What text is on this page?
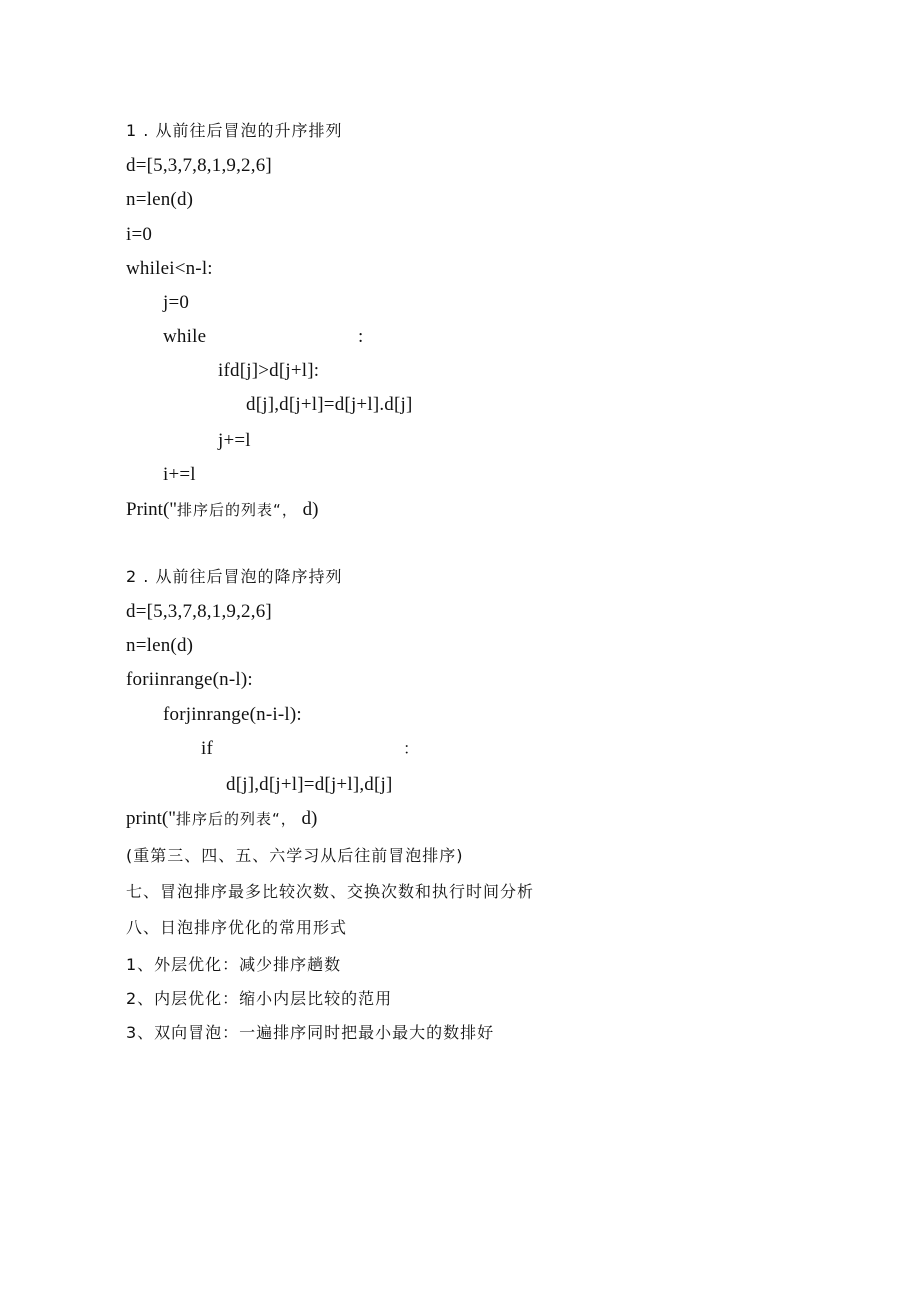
1 . 从前往后冒泡的升序排列
d=[5,3,7,8,1,9,2,6]
n=len(d)
i=0
whilei<n-l:
j=0
while	:
ifd[j]>d[j+l]:
d[j],d[j+l]=d[j+l].d[j]
j+=l
i+=l
Print("排序后的列表“， d)
2 . 从前往后冒泡的降序持列
d=[5,3,7,8,1,9,2,6]
n=len(d)
foriinrange(n-l):
forjinrange(n-i-l):
if	：
d[j],d[j+l]=d[j+l],d[j]
print("排序后的列表“， d)
(重第三、四、五、六学习从后往前冒泡排序)
七、冒泡排序最多比较次数、交换次数和执行时间分析
八、日泡排序优化的常用形式
1、外层优化：减少排序趟数
2、内层优化：缩小内层比较的范用
3、双向冒泡：一遍排序同时把最小最大的数排好
